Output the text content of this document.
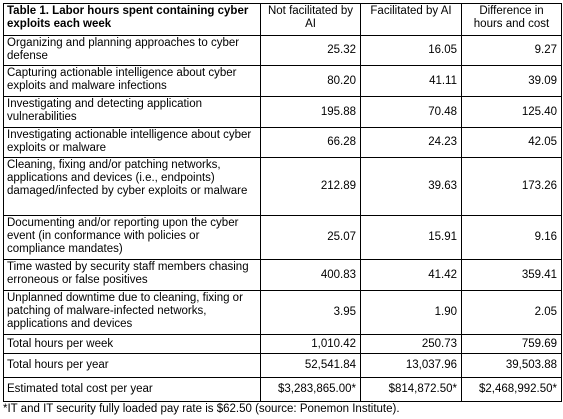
Table 1. Labor hours spent containing cyber exploits each week	Not facilitated by AI	Facilitated by AI	Difference in hours and cost
Organizing and planning approaches to cyber defense	25.32	16.05	9.27
Capturing actionable intelligence about cyber exploits and malware infections	80.20	41.11	39.09
Investigating and detecting application vulnerabilities	195.88	70.48	125.40
Investigating actionable intelligence about cyber exploits or malware	66.28	24.23	42.05
Cleaning, fixing and/or patching networks, applications and devices (i.e., endpoints) damaged/infected by cyber exploits or malware	212.89	39.63	173.26
Documenting and/or reporting upon the cyber event (in conformance with policies or compliance mandates)	25.07	15.91	9.16
Time wasted by security staff members chasing erroneous or false positives	400.83	41.42	359.41
Unplanned downtime due to cleaning, fixing or patching of malware-infected networks, applications and devices	3.95	1.90	2.05
Total hours per week	1,010.42	250.73	759.69
Total hours per year	52,541.84	13,037.96	39,503.88
Estimated total cost per year	$3,283,865.00*	$814,872.50*	$2,468,992.50*
*IT and IT security fully loaded pay rate is $62.50 (source: Ponemon Institute).
